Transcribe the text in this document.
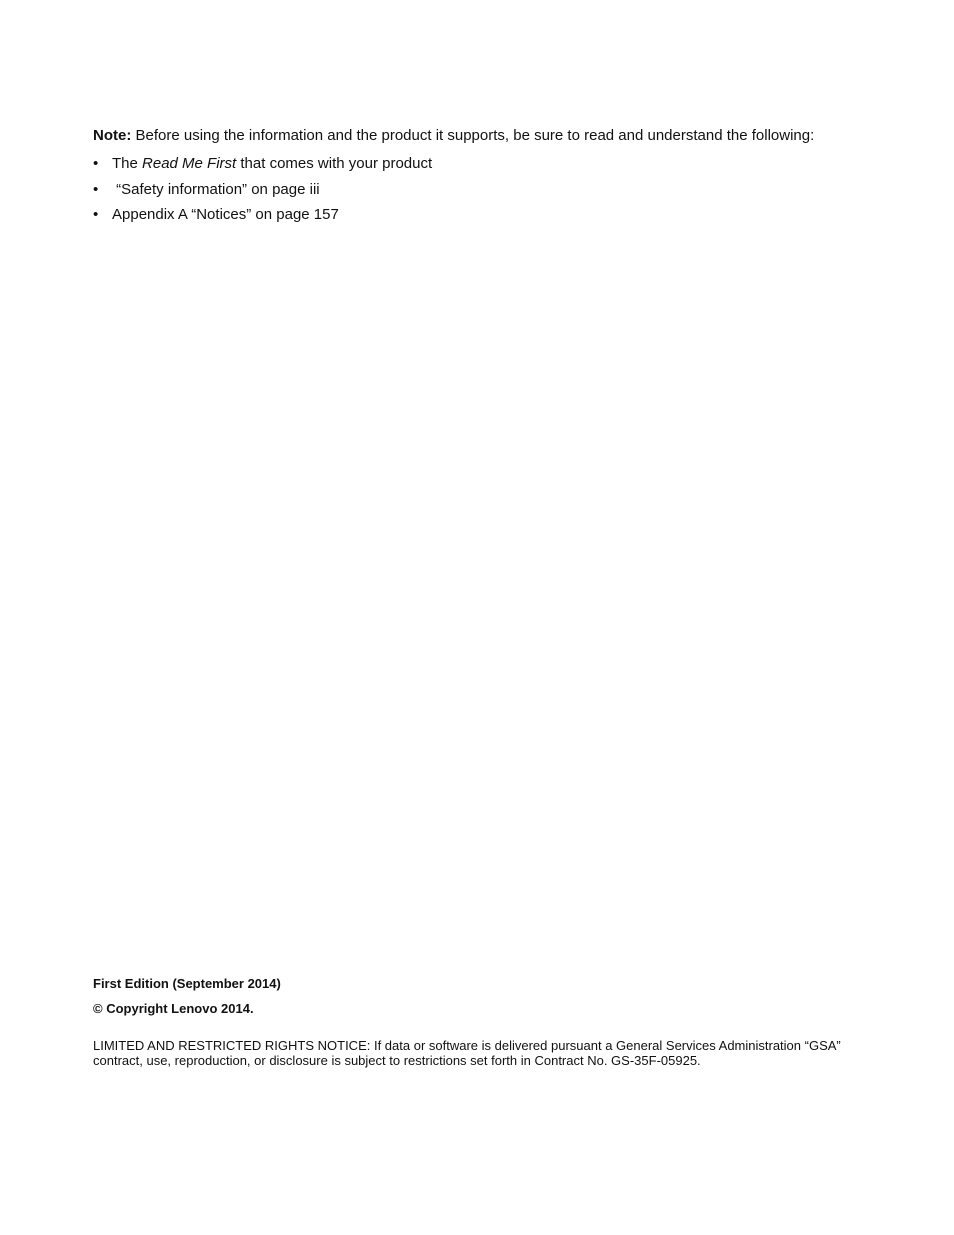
Note: Before using the information and the product it supports, be sure to read and understand the following:

• The Read Me First that comes with your product
• “Safety information” on page iii
• Appendix A “Notices” on page 157

First Edition (September 2014)

© Copyright Lenovo 2014.

LIMITED AND RESTRICTED RIGHTS NOTICE: If data or software is delivered pursuant a General Services Administration “GSA” contract, use, reproduction, or disclosure is subject to restrictions set forth in Contract No. GS-35F-05925.
